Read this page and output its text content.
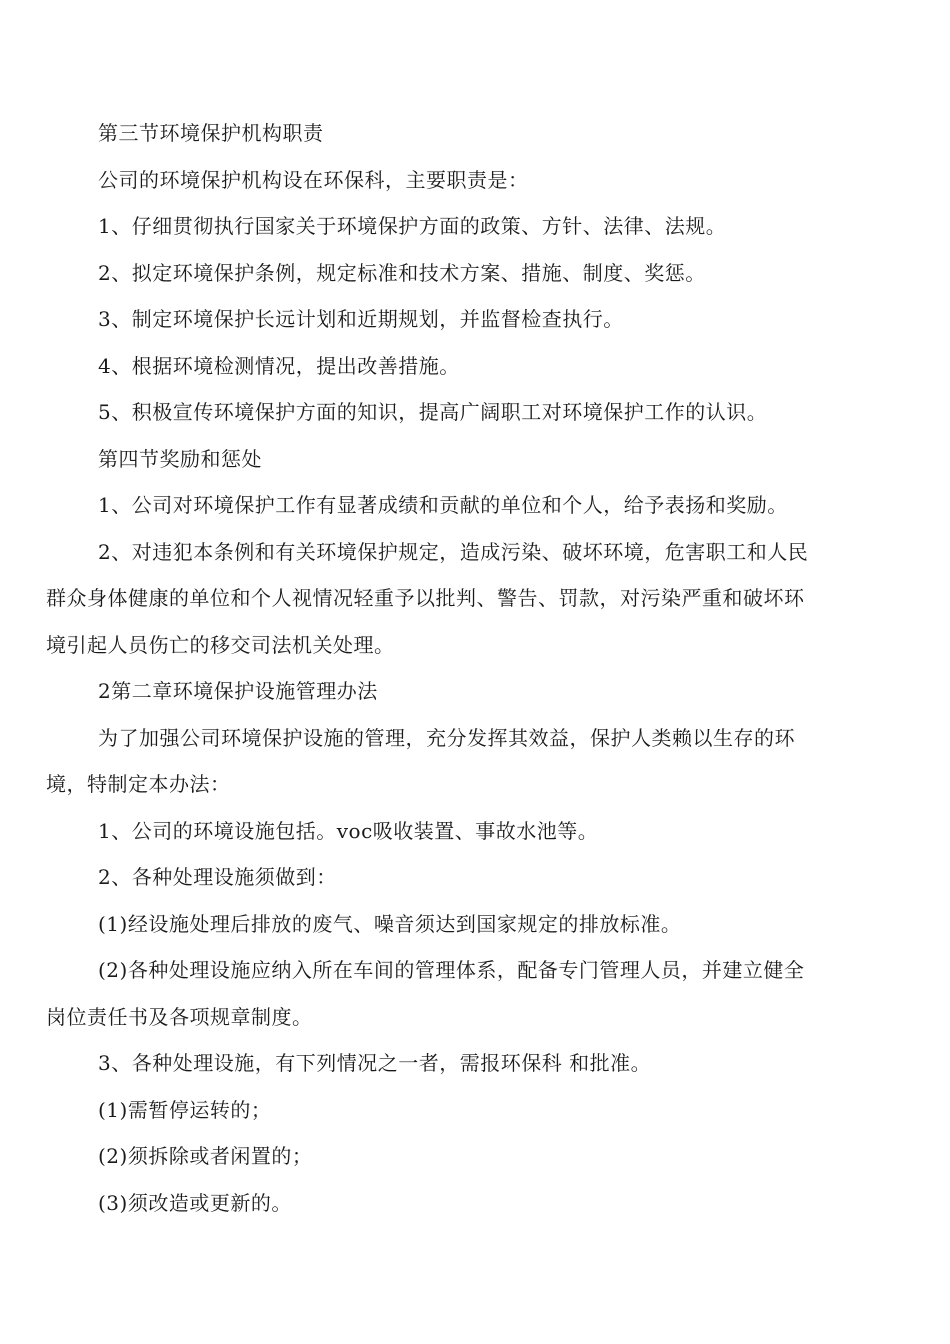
第三节环境保护机构职责

公司的环境保护机构设在环保科，主要职责是：

1、仔细贯彻执行国家关于环境保护方面的政策、方针、法律、法规。

2、拟定环境保护条例，规定标准和技术方案、措施、制度、奖惩。

3、制定环境保护长远计划和近期规划，并监督检查执行。

4、根据环境检测情况，提出改善措施。

5、积极宣传环境保护方面的知识，提高广阔职工对环境保护工作的认识。

第四节奖励和惩处

1、公司对环境保护工作有显著成绩和贡献的单位和个人，给予表扬和奖励。

2、对违犯本条例和有关环境保护规定，造成污染、破坏环境，危害职工和人民
群众身体健康的单位和个人视情况轻重予以批判、警告、罚款，对污染严重和破坏环
境引起人员伤亡的移交司法机关处理。

2第二章环境保护设施管理办法

为了加强公司环境保护设施的管理，充分发挥其效益，保护人类赖以生存的环
境，特制定本办法：

1、公司的环境设施包括。voc吸收装置、事故水池等。

2、各种处理设施须做到：

(1)经设施处理后排放的废气、噪音须达到国家规定的排放标准。

(2)各种处理设施应纳入所在车间的管理体系，配备专门管理人员，并建立健全
岗位责任书及各项规章制度。

3、各种处理设施，有下列情况之一者，需报环保科 和批准。

(1)需暂停运转的；

(2)须拆除或者闲置的；

(3)须改造或更新的。
